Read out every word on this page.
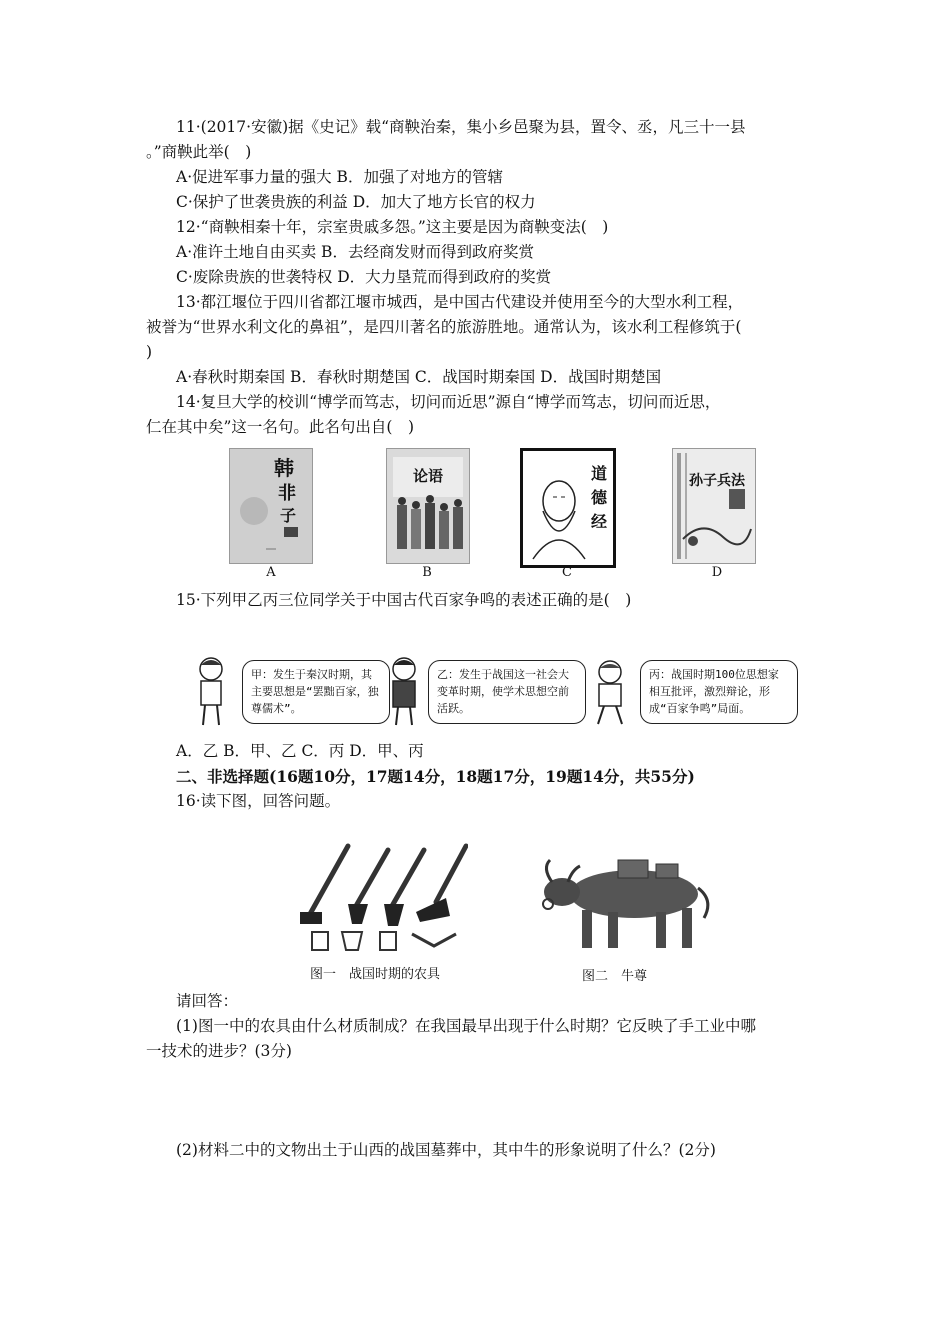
11·(2017·安徽)据《史记》载“商鞅治秦，集小乡邑聚为县，置令、丞，凡三十一县
。”商鞅此举(　)
A·促进军事力量的强大 B．加强了对地方的管辖
C·保护了世袭贵族的利益 D．加大了地方长官的权力
12·“商鞅相秦十年，宗室贵戚多怨。”这主要是因为商鞅变法(　)
A·准许土地自由买卖 B．去经商发财而得到政府奖赏
C·废除贵族的世袭特权 D．大力垦荒而得到政府的奖赏
13·都江堰位于四川省都江堰市城西，是中国古代建设并使用至今的大型水利工程，
被誉为“世界水利文化的鼻祖”，是四川著名的旅游胜地。通常认为，该水利工程修筑于(
)
A·春秋时期秦国 B．春秋时期楚国 C．战国时期秦国 D．战国时期楚国
14·复旦大学的校训“博学而笃志，切问而近思”源自“博学而笃志，切问而近思，
仁在其中矣”这一名句。此名句出自(　)
韩
非
子
A
论语
B
道
德
经
C
孙子兵法
D
15·下列甲乙丙三位同学关于中国古代百家争鸣的表述正确的是(　)
甲：发生于秦汉时期，其主要思想是“罢黜百家，独尊儒术”。
乙：发生于战国这一社会大变革时期，使学术思想空前活跃。
丙：战国时期100位思想家相互批评，激烈辩论，形成“百家争鸣”局面。
A．乙 B．甲、乙 C．丙 D．甲、丙
二、非选择题(16题10分，17题14分，18题17分，19题14分，共55分)
16·读下图，回答问题。
图一　战国时期的农具	图二　牛尊
请回答：
(1)图一中的农具由什么材质制成？在我国最早出现于什么时期？它反映了手工业中哪
一技术的进步？(3分)
(2)材料二中的文物出土于山西的战国墓葬中，其中牛的形象说明了什么？(2分)
